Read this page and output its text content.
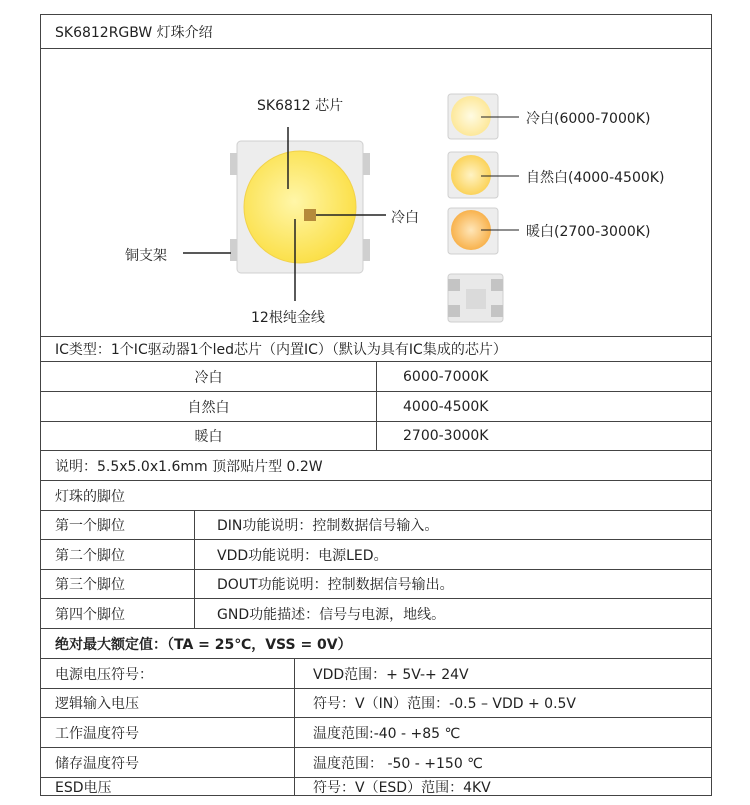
SK6812RGBW 灯珠介绍
SK6812 芯片
冷白
铜支架
12根纯金线
冷白(6000-7000K)
自然白(4000-4500K)
暖白(2700-3000K)
IC类型：1个IC驱动器1个led芯片（内置IC）（默认为具有IC集成的芯片）
冷白	6000-7000K
自然白	4000-4500K
暖白	2700-3000K
说明：5.5x5.0x1.6mm 顶部贴片型 0.2W
灯珠的脚位
第一个脚位	DIN功能说明：控制数据信号输入。
第二个脚位	VDD功能说明：电源LED。
第三个脚位	DOUT功能说明：控制数据信号输出。
第四个脚位	GND功能描述：信号与电源，地线。
绝对最大额定值：（TA = 25℃，VSS = 0V）
电源电压符号：	VDD范围：+ 5V-+ 24V
逻辑输入电压	符号：V（IN）范围：-0.5 – VDD + 0.5V
工作温度符号	温度范围:-40 - +85 ℃
储存温度符号	温度范围： -50 - +150 ℃
ESD电压	符号：V（ESD）范围：4KV
